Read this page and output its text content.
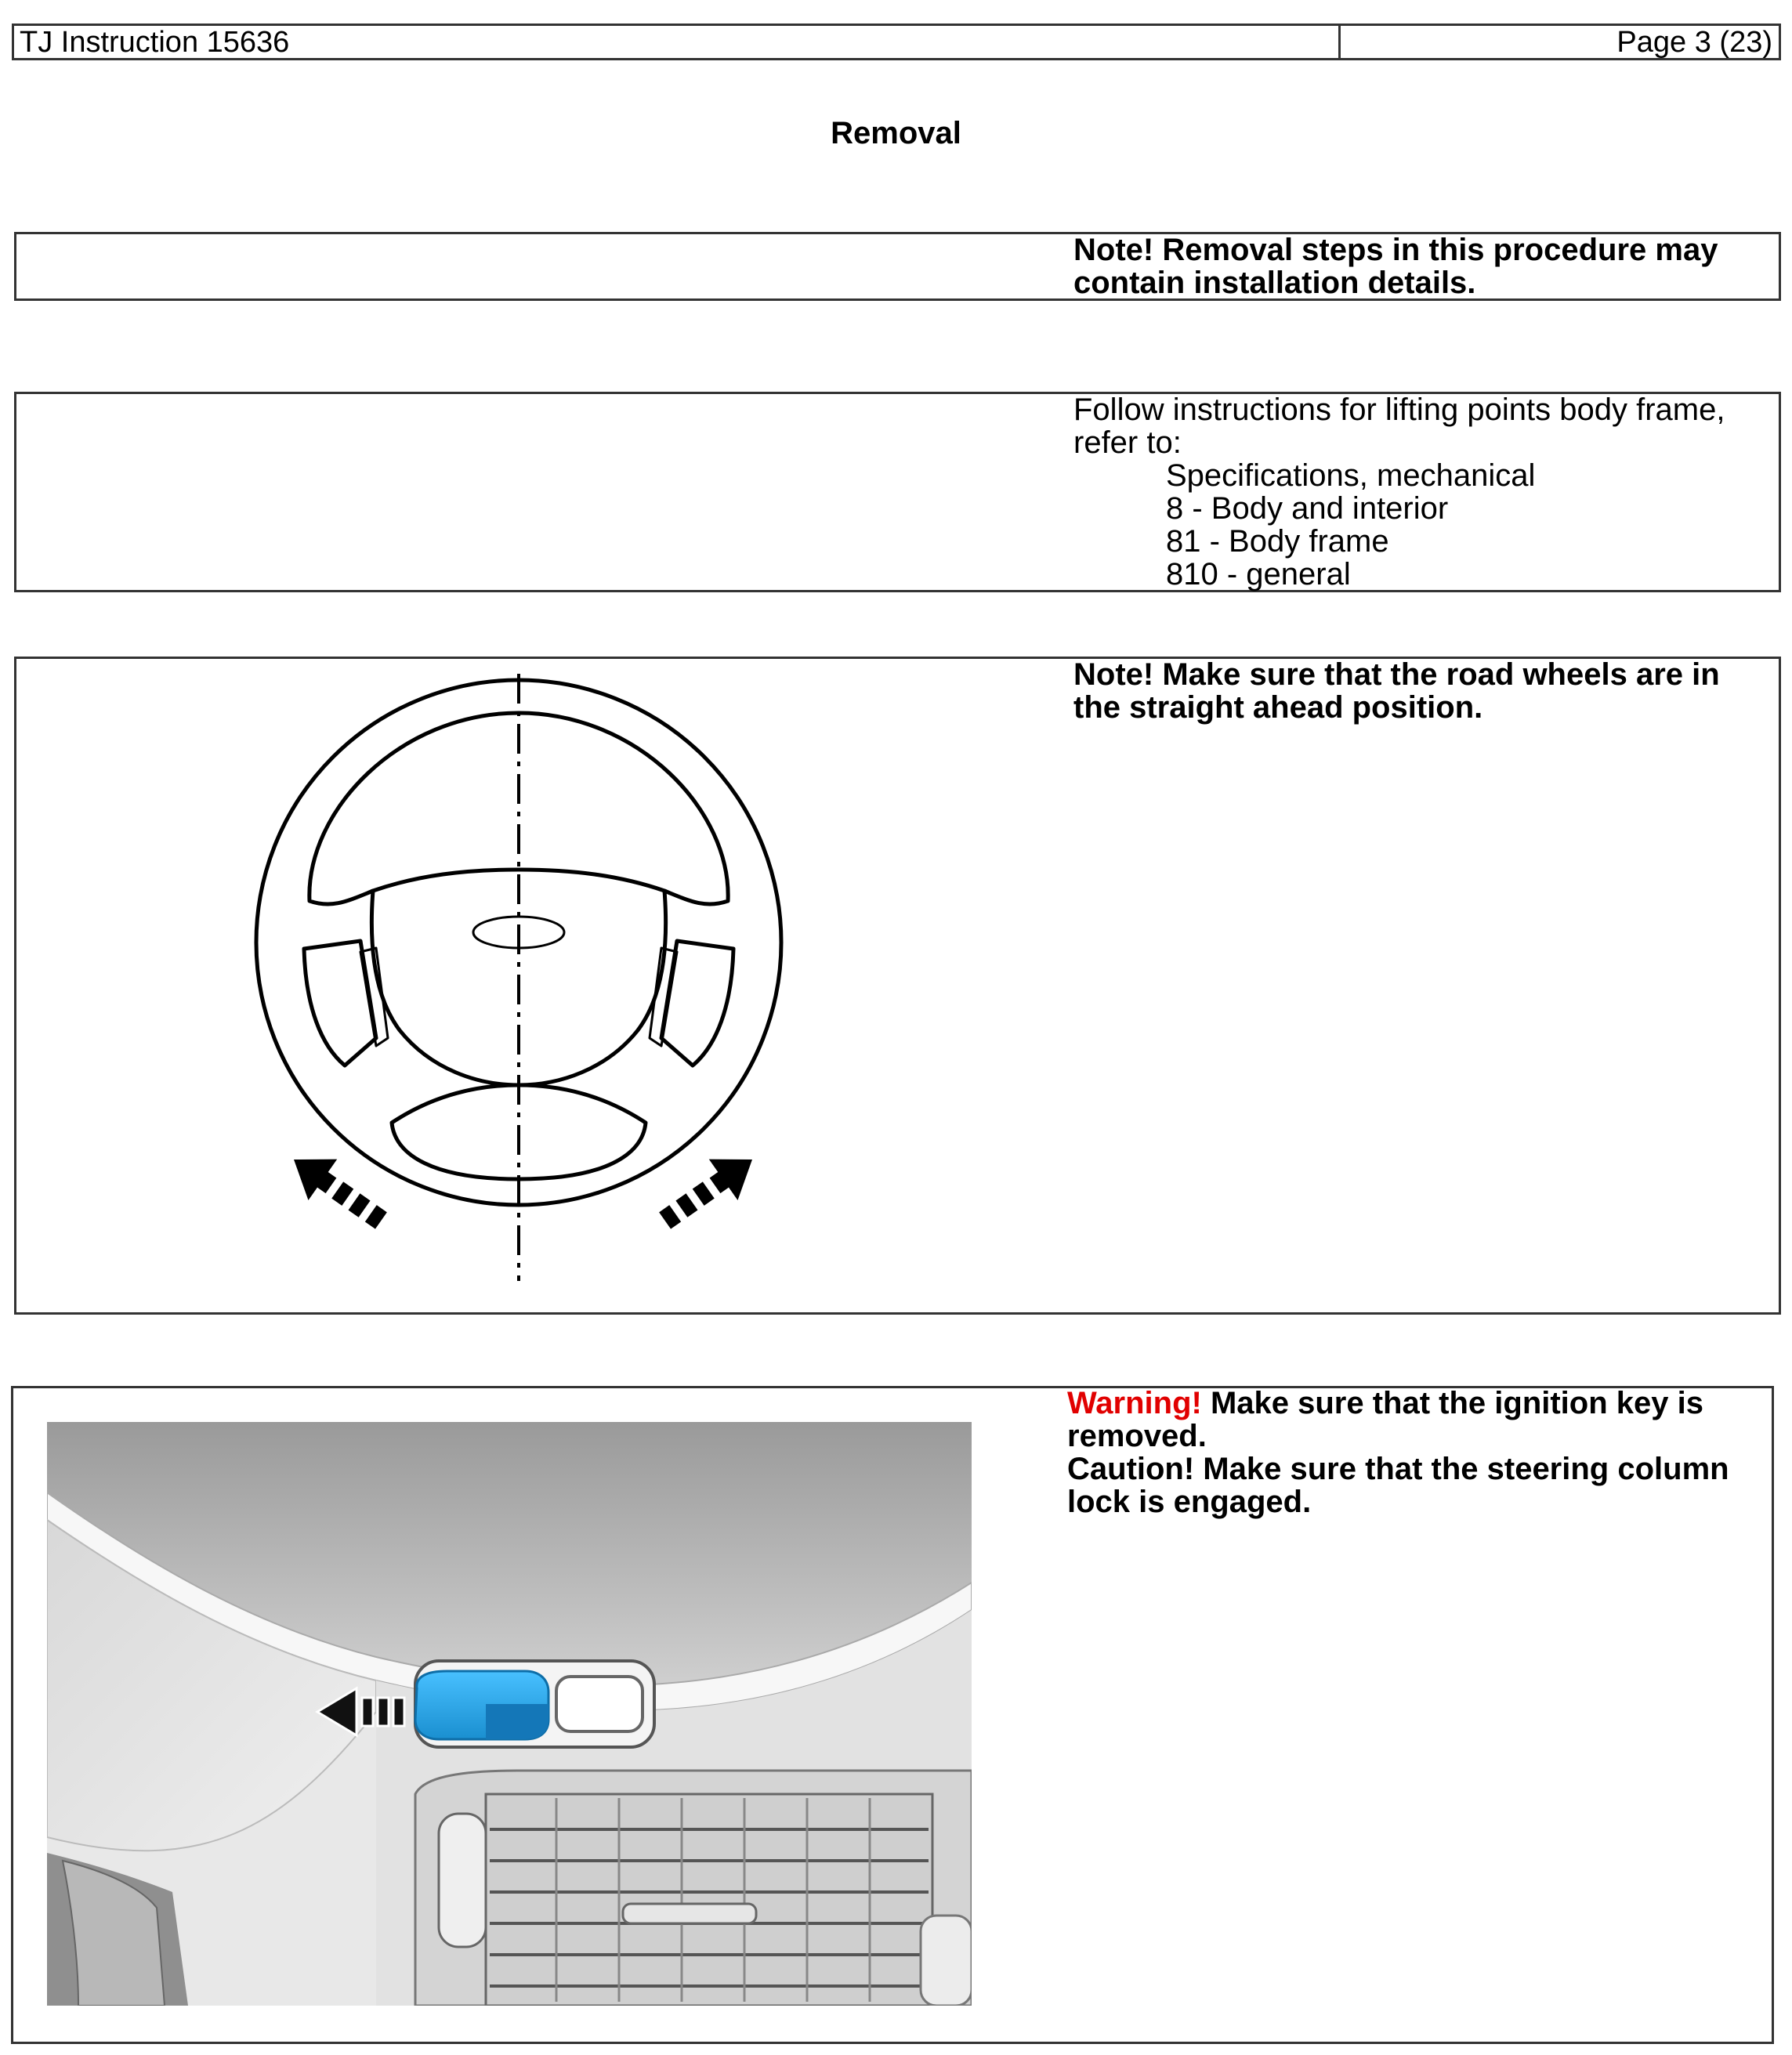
TJ Instruction 15636	Page 3 (23)
Removal
Note! Removal steps in this procedure may contain installation details.
Follow instructions for lifting points body frame, refer to:
Specifications, mechanical
8 - Body and interior
81 - Body frame
810 - general
Note! Make sure that the road wheels are in the straight ahead position.
Warning! Make sure that the ignition key is removed.
Caution! Make sure that the steering column lock is engaged.
